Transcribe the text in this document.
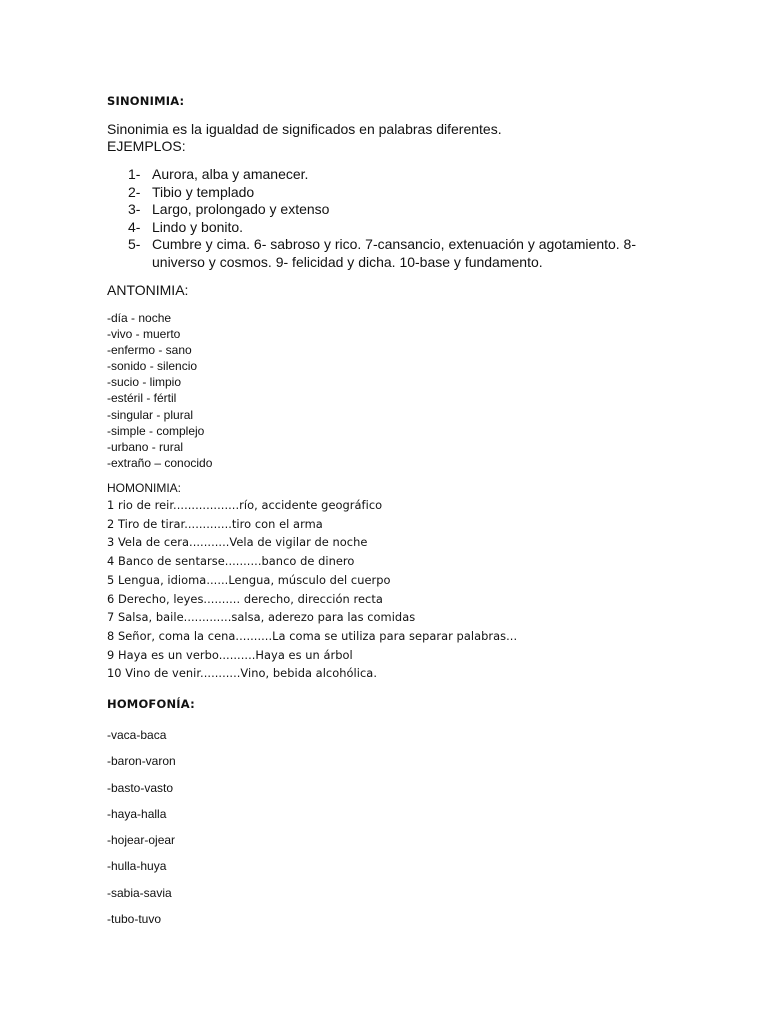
SINONIMIA:

Sinonimia es la igualdad de significados en palabras diferentes.

EJEMPLOS:

1- Aurora, alba y amanecer.
2- Tibio y templado
3- Largo, prolongado y extenso
4- Lindo y bonito.
5- Cumbre y cima. 6- sabroso y rico. 7-cansancio, extenuación y agotamiento. 8-universo y cosmos. 9- felicidad y dicha. 10-base y fundamento.
ANTONIMIA:
-día - noche
-vivo - muerto
-enfermo - sano
-sonido - silencio
-sucio - limpio
-estéril - fértil
-singular - plural
-simple - complejo
-urbano - rural
-extraño – conocido
HOMONIMIA:
1 rio de reir..................río, accidente geográfico
2 Tiro de tirar.............tiro con el arma
3 Vela de cera...........Vela de vigilar de noche
4 Banco de sentarse..........banco de dinero
5 Lengua, idioma......Lengua, músculo del cuerpo
6 Derecho, leyes.......... derecho, dirección recta
7 Salsa, baile.............salsa, aderezo para las comidas
8 Señor, coma la cena..........La coma se utiliza para separar palabras...
9 Haya es un verbo..........Haya es un árbol
10 Vino de venir...........Vino, bebida alcohólica.
HOMOFONÍA:
-vaca-baca
-baron-varon
-basto-vasto
-haya-halla
-hojear-ojear
-hulla-huya
-sabia-savia
-tubo-tuvo
